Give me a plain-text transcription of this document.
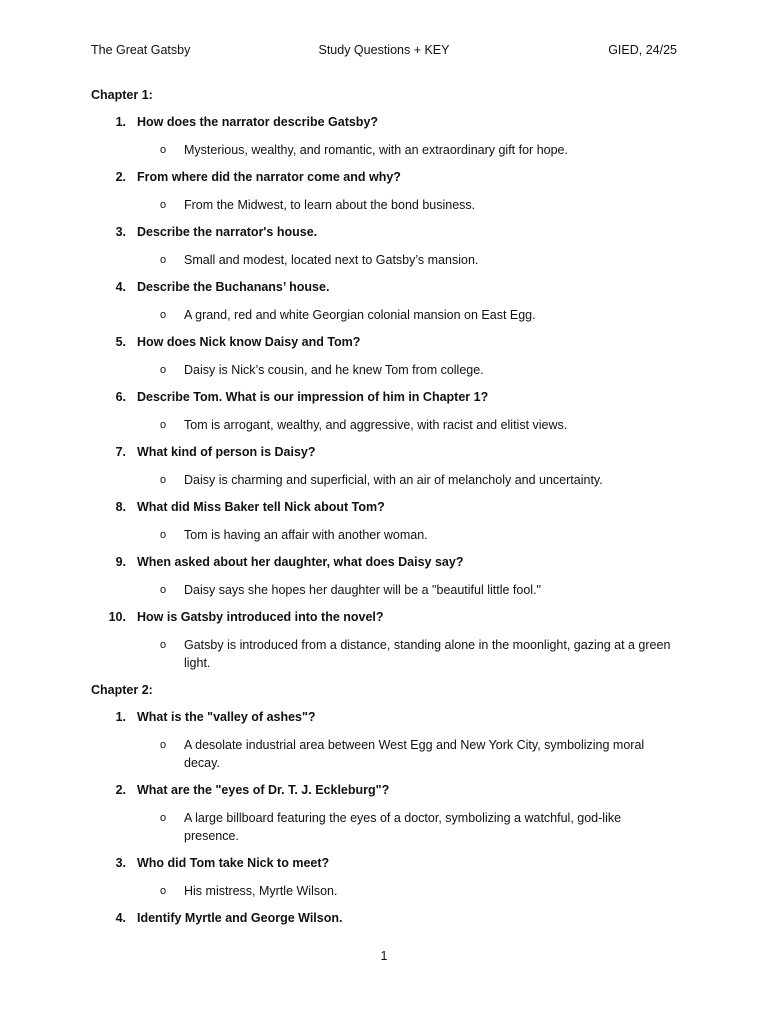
The Great Gatsby	Study Questions + KEY	GIED, 24/25
Chapter 1:
1. How does the narrator describe Gatsby?
o Mysterious, wealthy, and romantic, with an extraordinary gift for hope.
2. From where did the narrator come and why?
o From the Midwest, to learn about the bond business.
3. Describe the narrator's house.
o Small and modest, located next to Gatsby’s mansion.
4. Describe the Buchanans’ house.
o A grand, red and white Georgian colonial mansion on East Egg.
5. How does Nick know Daisy and Tom?
o Daisy is Nick’s cousin, and he knew Tom from college.
6. Describe Tom. What is our impression of him in Chapter 1?
o Tom is arrogant, wealthy, and aggressive, with racist and elitist views.
7. What kind of person is Daisy?
o Daisy is charming and superficial, with an air of melancholy and uncertainty.
8. What did Miss Baker tell Nick about Tom?
o Tom is having an affair with another woman.
9. When asked about her daughter, what does Daisy say?
o Daisy says she hopes her daughter will be a "beautiful little fool."
10. How is Gatsby introduced into the novel?
o Gatsby is introduced from a distance, standing alone in the moonlight, gazing at a green light.
Chapter 2:
1. What is the "valley of ashes"?
o A desolate industrial area between West Egg and New York City, symbolizing moral decay.
2. What are the "eyes of Dr. T. J. Eckleburg"?
o A large billboard featuring the eyes of a doctor, symbolizing a watchful, god-like presence.
3. Who did Tom take Nick to meet?
o His mistress, Myrtle Wilson.
4. Identify Myrtle and George Wilson.
1
